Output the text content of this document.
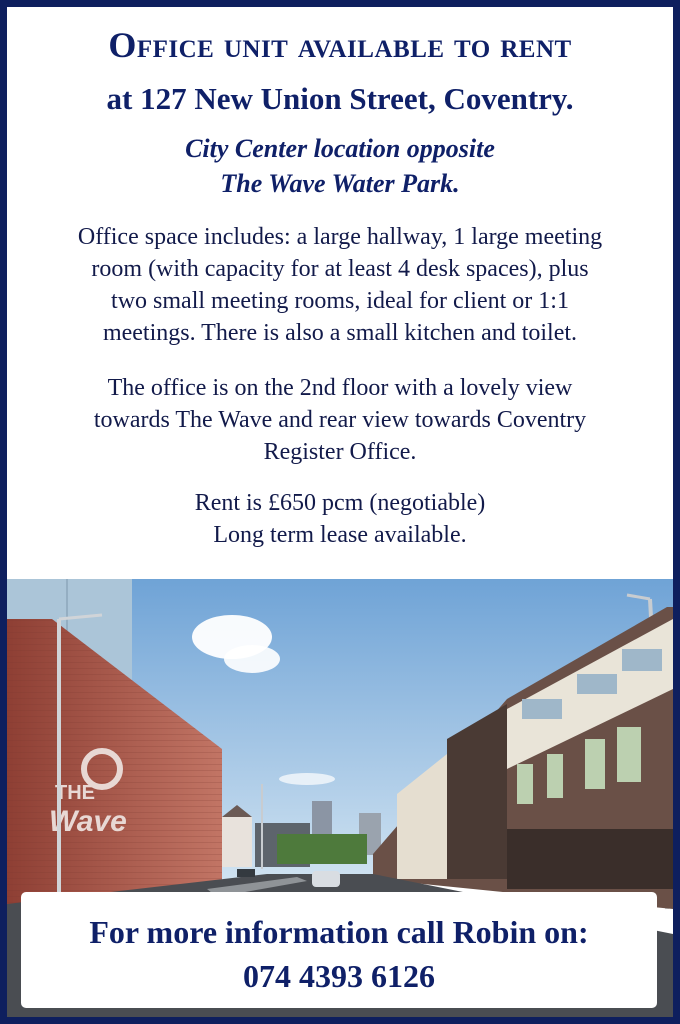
Office unit available to rent
at 127 New Union Street, Coventry.
City Center location opposite
The Wave Water Park.
Office space includes: a large hallway, 1 large meeting
room (with capacity for at least 4 desk spaces), plus
two small meeting rooms, ideal for client or 1:1
meetings. There is also a small kitchen and toilet.
The office is on the 2nd floor with a lovely view
towards The Wave and rear view towards Coventry
Register Office.
Rent is £650 pcm (negotiable)
Long term lease available.
THE
Wave
For more information call Robin on:
074 4393 6126
